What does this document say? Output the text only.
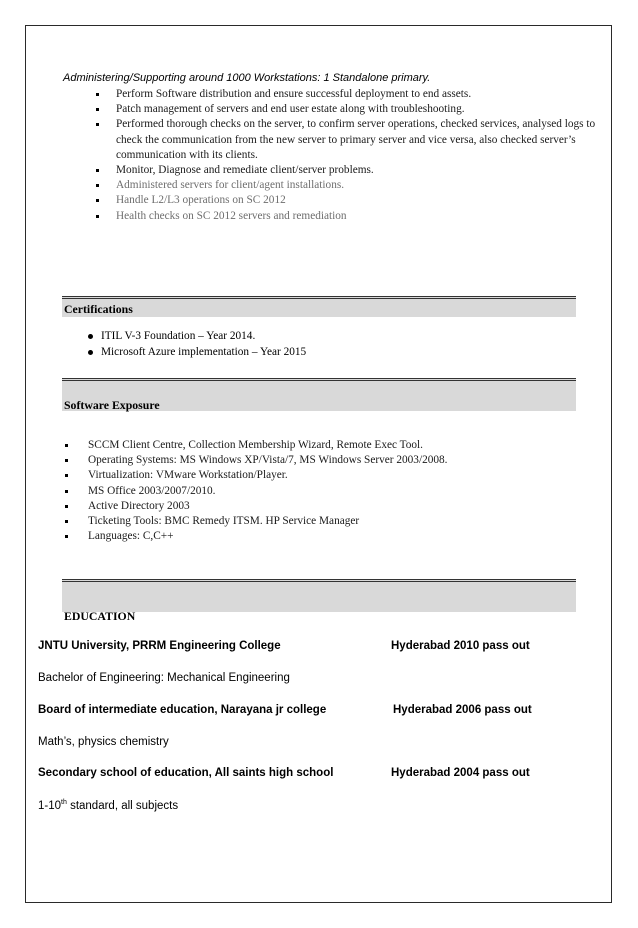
Administering/Supporting around 1000 Workstations: 1 Standalone primary.
Perform Software distribution and ensure successful deployment to end assets.
Patch management of servers and end user estate along with troubleshooting.
Performed thorough checks on the server, to confirm server operations, checked services, analysed logs to check the communication from the new server to primary server and vice versa, also checked server’s communication with its clients.
Monitor, Diagnose and remediate client/server problems.
Administered servers for client/agent installations.
Handle L2/L3 operations on SC 2012
Health checks on SC 2012 servers and remediation
Certifications
ITIL V-3 Foundation – Year 2014.
Microsoft Azure implementation – Year 2015
Software Exposure
SCCM Client Centre, Collection Membership Wizard, Remote Exec Tool.
Operating Systems: MS Windows XP/Vista/7, MS Windows Server 2003/2008.
Virtualization: VMware Workstation/Player.
MS Office 2003/2007/2010.
Active Directory 2003
Ticketing Tools: BMC Remedy ITSM. HP Service Manager
Languages: C,C++
EDUCATION
JNTU University, PRRM Engineering College	Hyderabad 2010 pass out
Bachelor of Engineering: Mechanical Engineering
Board of intermediate education, Narayana jr college	Hyderabad 2006 pass out
Math’s, physics chemistry
Secondary school of education, All saints high school	Hyderabad 2004 pass out
1-10th standard, all subjects
